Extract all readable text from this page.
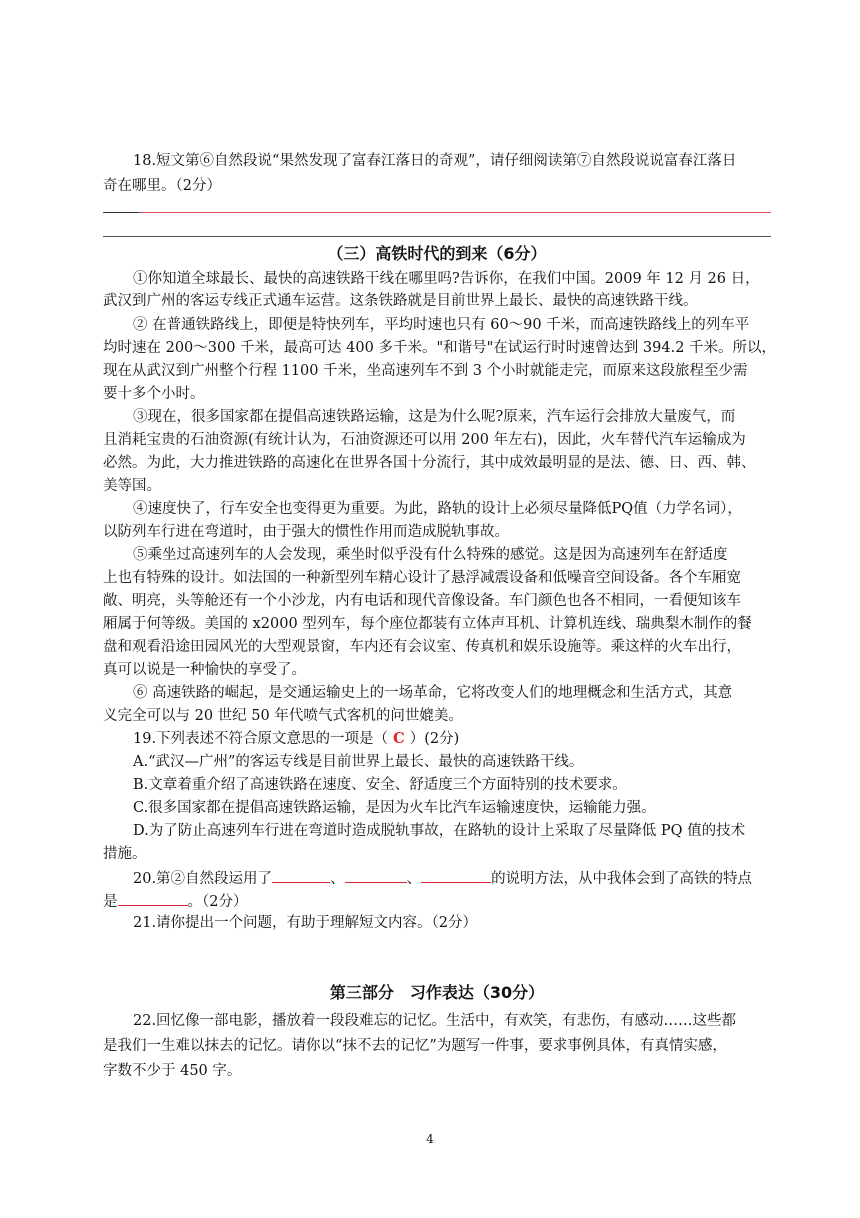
18.短文第⑥自然段说“果然发现了富春江落日的奇观”，请仔细阅读第⑦自然段说说富春江落日
奇在哪里。（2分）
（三）高铁时代的到来（6分）
①你知道全球最长、最快的高速铁路干线在哪里吗?告诉你，在我们中国。2009 年 12 月 26 日，
武汉到广州的客运专线正式通车运营。这条铁路就是目前世界上最长、最快的高速铁路干线。
② 在普通铁路线上，即便是特快列车，平均时速也只有 60～90 千米，而高速铁路线上的列车平
均时速在 200～300 千米，最高可达 400 多千米。"和谐号"在试运行时时速曾达到 394.2 千米。所以，
现在从武汉到广州整个行程 1100 千米，坐高速列车不到 3 个小时就能走完，而原来这段旅程至少需
要十多个小时。
③现在，很多国家都在提倡高速铁路运输，这是为什么呢?原来，汽车运行会排放大量废气，而
且消耗宝贵的石油资源(有统计认为，石油资源还可以用 200 年左右)，因此，火车替代汽车运输成为
必然。为此，大力推进铁路的高速化在世界各国十分流行，其中成效最明显的是法、德、日、西、韩、
美等国。
④速度快了，行车安全也变得更为重要。为此，路轨的设计上必须尽量降低PQ值（力学名词），
以防列车行进在弯道时，由于强大的惯性作用而造成脱轨事故。
⑤乘坐过高速列车的人会发现，乘坐时似乎没有什么特殊的感觉。这是因为高速列车在舒适度
上也有特殊的设计。如法国的一种新型列车精心设计了悬浮减震设备和低噪音空间设备。各个车厢宽
敞、明亮，头等舱还有一个小沙龙，内有电话和现代音像设备。车门颜色也各不相同，一看便知该车
厢属于何等级。美国的 x2000 型列车，每个座位都装有立体声耳机、计算机连线、瑞典梨木制作的餐
盘和观看沿途田园风光的大型观景窗，车内还有会议室、传真机和娱乐设施等。乘这样的火车出行，
真可以说是一种愉快的享受了。
⑥ 高速铁路的崛起，是交通运输史上的一场革命，它将改变人们的地理概念和生活方式，其意
义完全可以与 20 世纪 50 年代喷气式客机的问世媲美。
19.下列表述不符合原文意思的一项是（ C ）(2分)
A.“武汉—广州”的客运专线是目前世界上最长、最快的高速铁路干线。
B.文章着重介绍了高速铁路在速度、安全、舒适度三个方面特别的技术要求。
C.很多国家都在提倡高速铁路运输，是因为火车比汽车运输速度快，运输能力强。
D.为了防止高速列车行进在弯道时造成脱轨事故，在路轨的设计上采取了尽量降低 PQ 值的技术
措施。
20.第②自然段运用了	、	、	的说明方法，从中我体会到了高铁的特点
是	。（2分）
21.请你提出一个问题，有助于理解短文内容。（2分）
第三部分　习作表达（30分）
22.回忆像一部电影，播放着一段段难忘的记忆。生活中，有欢笑，有悲伤，有感动……这些都
是我们一生难以抹去的记忆。请你以“抹不去的记忆”为题写一件事，要求事例具体，有真情实感，
字数不少于 450 字。
4
